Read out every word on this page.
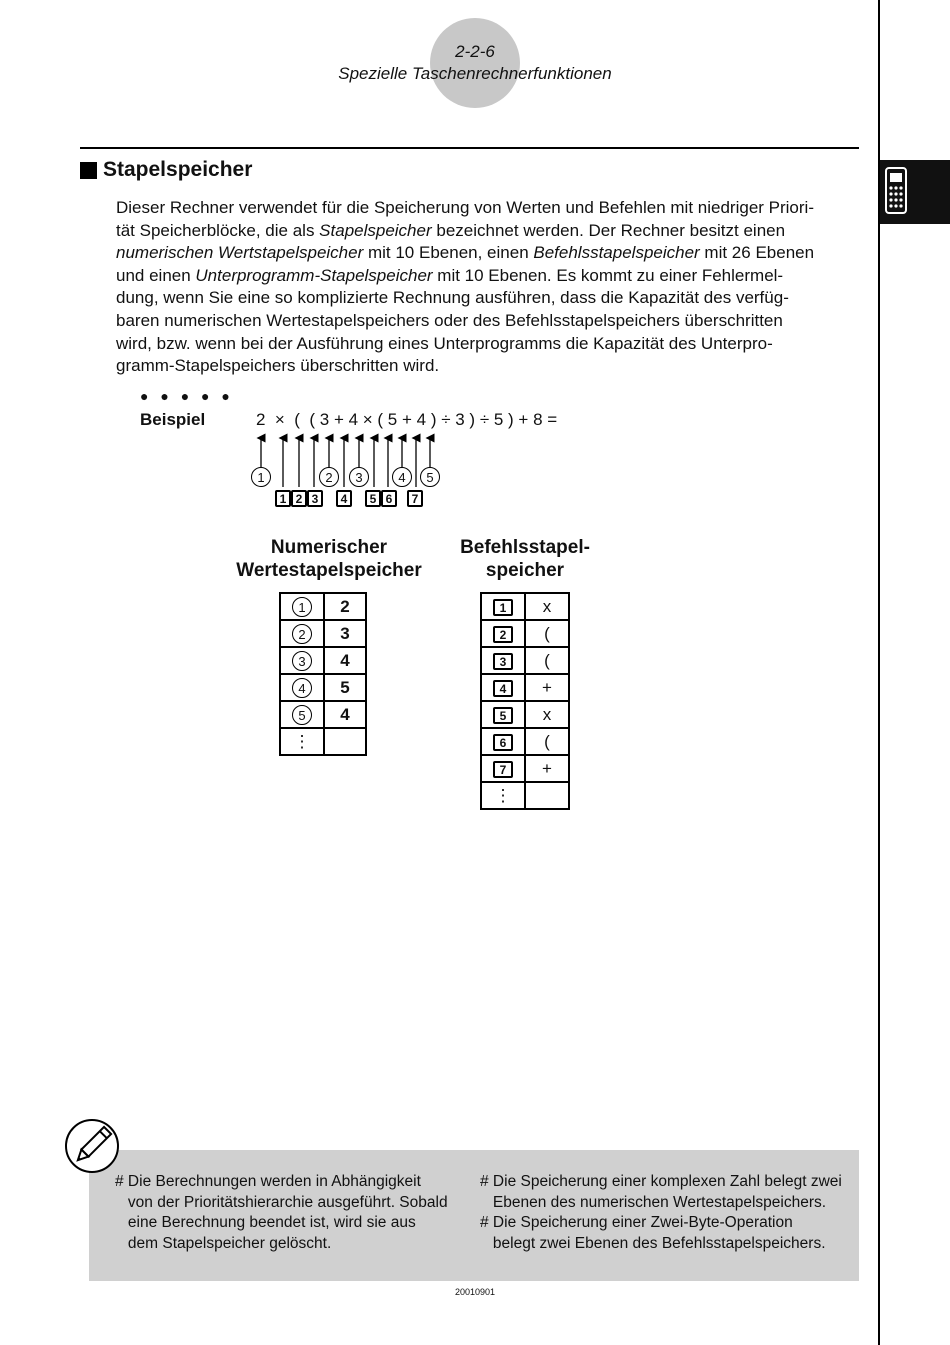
2-2-6
Spezielle Taschenrechnerfunktionen
Stapelspeicher

Dieser Rechner verwendet für die Speicherung von Werten und Befehlen mit niedriger Priori-

tät Speicherblöcke, die als Stapelspeicher bezeichnet werden. Der Rechner besitzt einen

numerischen Wertstapelspeicher mit 10 Ebenen, einen Befehlsstapelspeicher mit 26 Ebenen

und einen Unterprogramm-Stapelspeicher mit 10 Ebenen. Es kommt zu einer Fehlermel-

dung, wenn Sie eine so komplizierte Rechnung ausführen, dass die Kapazität des verfüg-

baren numerischen Wertestapelspeichers oder des Befehlsstapelspeichers überschritten

wird, bzw. wenn bei der Ausführung eines Unterprogramms die Kapazität des Unterpro-

gramm-Stapelspeichers überschritten wird.

● ● ● ● ●
Beispiel	2  ×  (  ( 3 + 4 × ( 5 + 4 ) ÷ 3 ) ÷ 5 ) + 8 =
1	2	3	4	5
1 2 3	4	5 6	7
Numerischer
Wertestapelspeicher
1	2
2	3
3	4
4	5
5	4
⋮	
Befehlsstapel-
speicher
1	x
2	(
3	(
4	+
5	x
6	(
7	+
⋮	

# Die Berechnungen werden in Abhängigkeit

von der Prioritätshierarchie ausgeführt. Sobald

eine Berechnung beendet ist, wird sie aus

dem Stapelspeicher gelöscht.

# Die Speicherung einer komplexen Zahl belegt zwei

Ebenen des numerischen Wertestapelspeichers.

# Die Speicherung einer Zwei-Byte-Operation

belegt zwei Ebenen des Befehlsstapelspeichers.

20010901
